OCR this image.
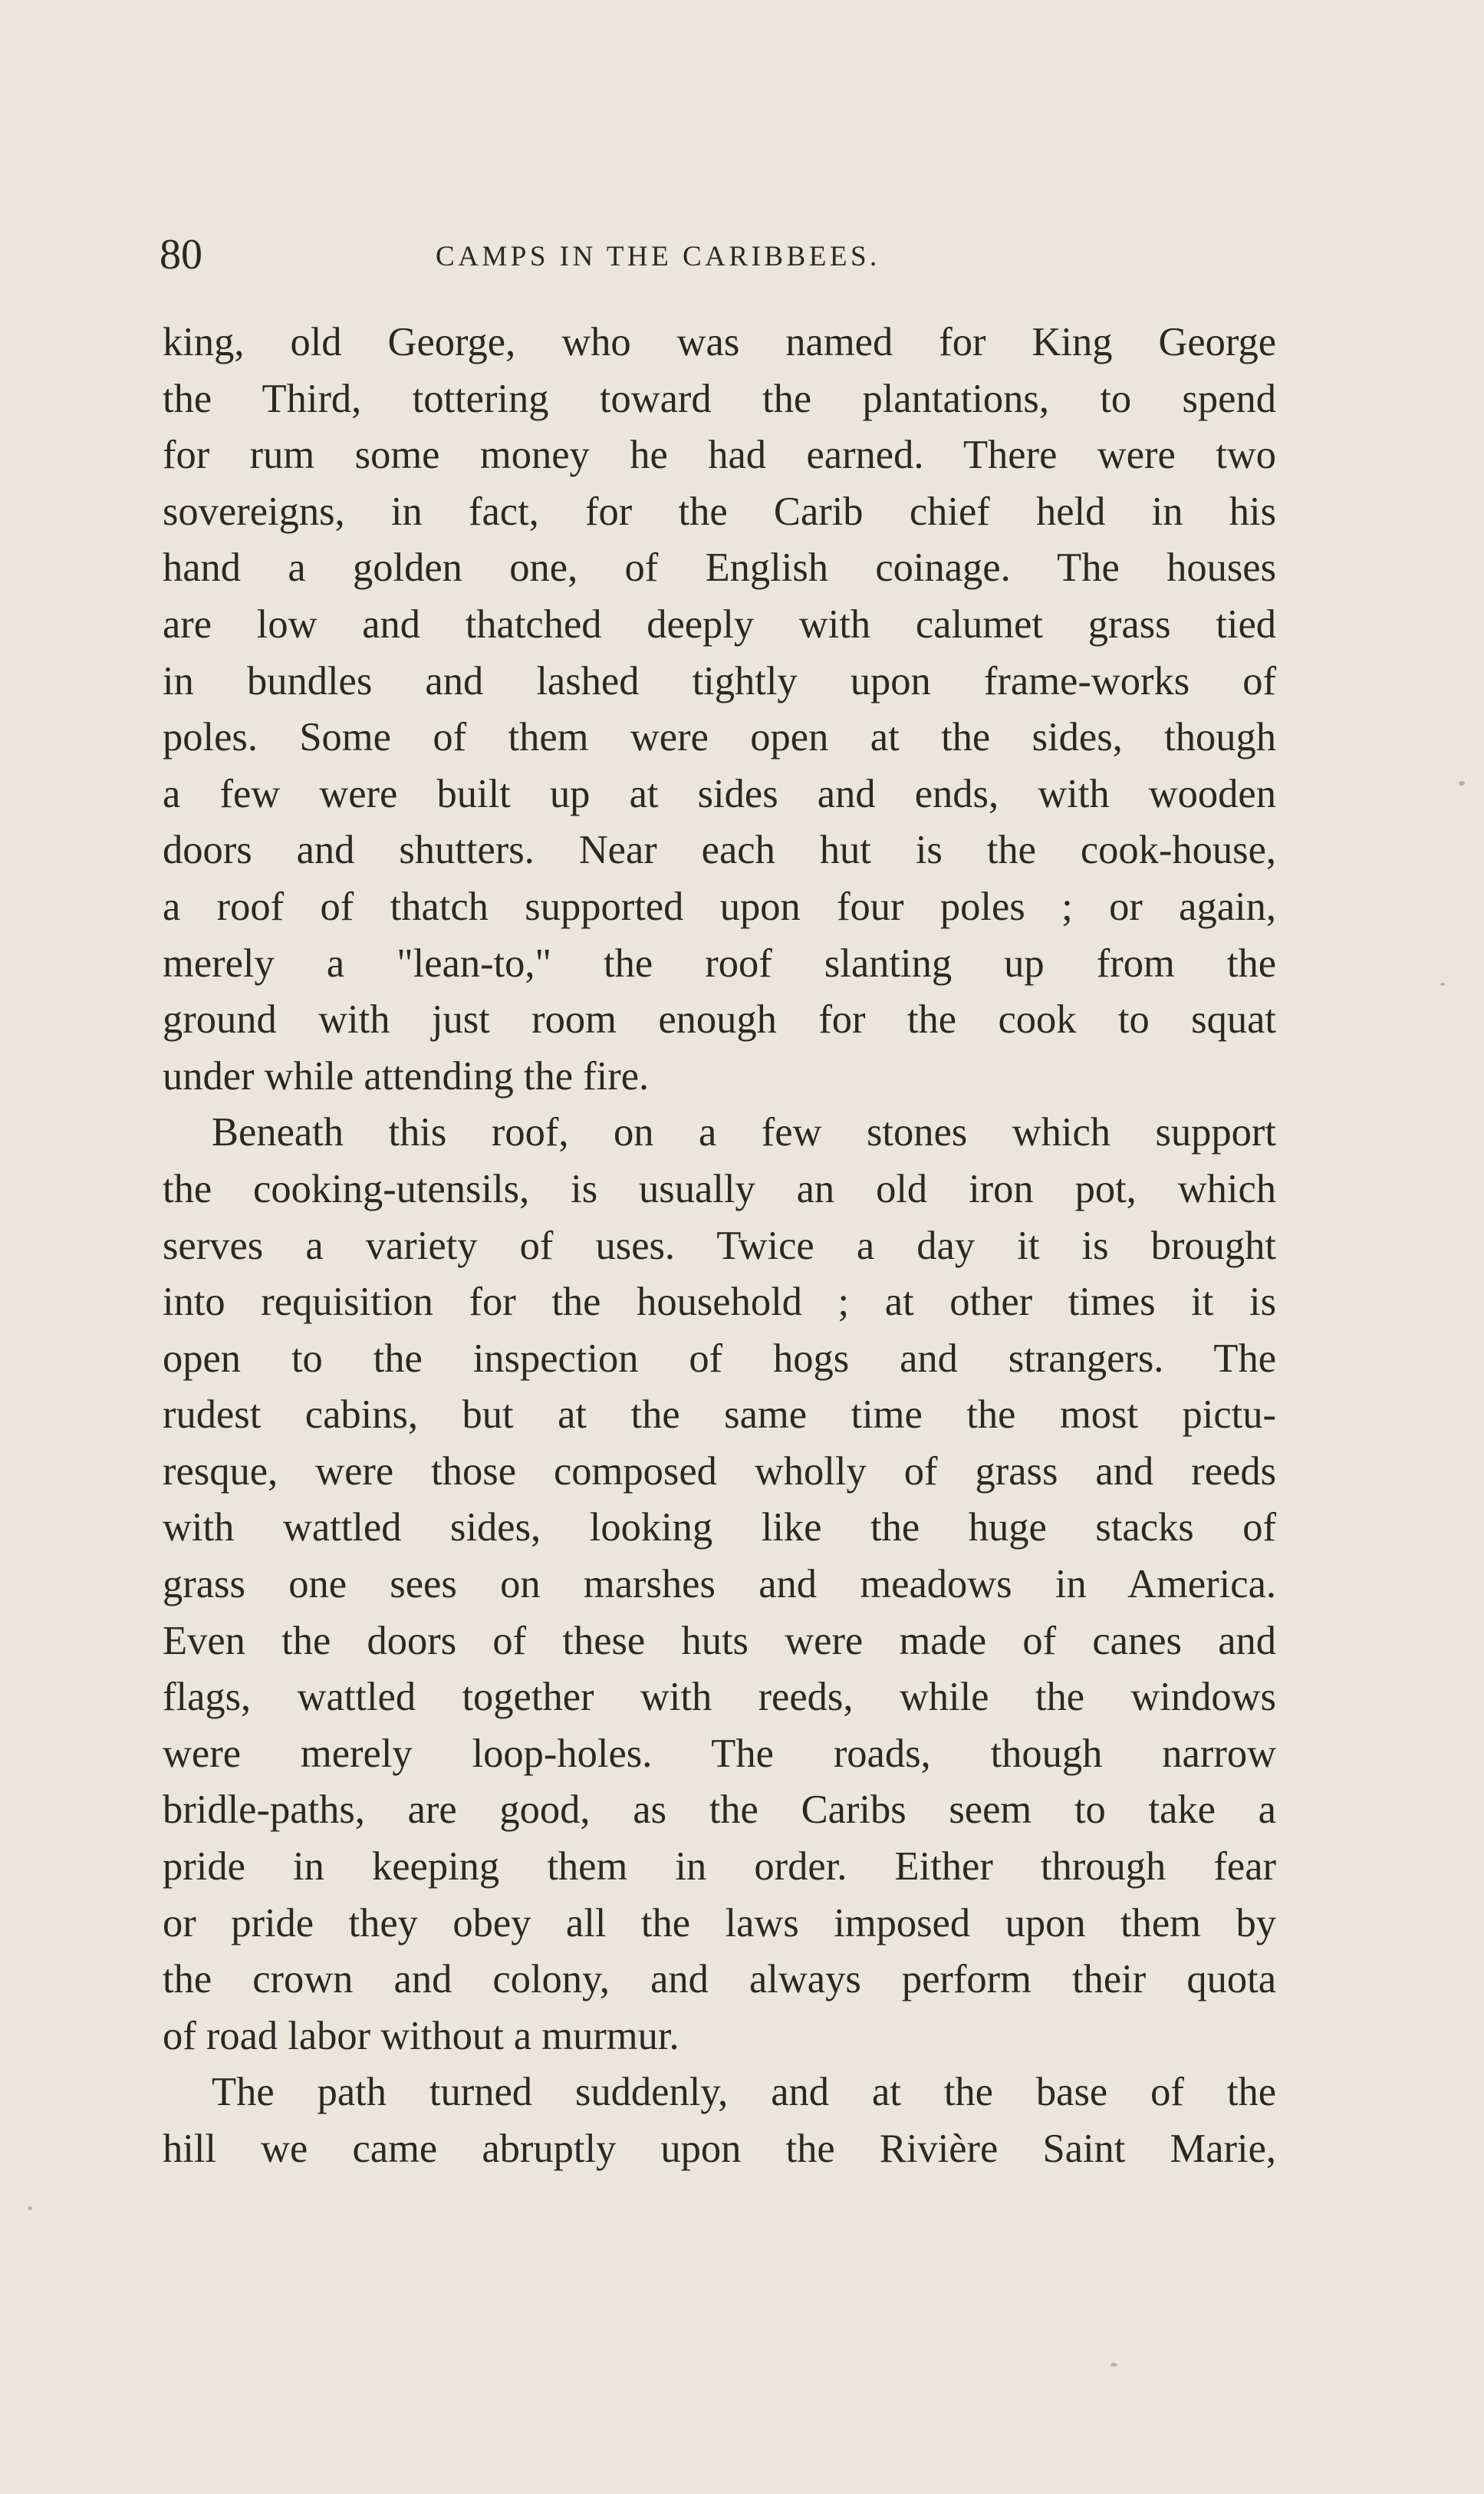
80	CAMPS IN THE CARIBBEES.
king, old George, who was named for King George
the Third, tottering toward the plantations, to spend
for rum some money he had earned. There were two
sovereigns, in fact, for the Carib chief held in his
hand a golden one, of English coinage. The houses
are low and thatched deeply with calumet grass tied
in bundles and lashed tightly upon frame-works of
poles. Some of them were open at the sides, though
a few were built up at sides and ends, with wooden
doors and shutters. Near each hut is the cook-house,
a roof of thatch supported upon four poles ; or again,
merely a "lean-to," the roof slanting up from the
ground with just room enough for the cook to squat
under while attending the fire.
Beneath this roof, on a few stones which support
the cooking-utensils, is usually an old iron pot, which
serves a variety of uses. Twice a day it is brought
into requisition for the household ; at other times it is
open to the inspection of hogs and strangers. The
rudest cabins, but at the same time the most pictu-
resque, were those composed wholly of grass and reeds
with wattled sides, looking like the huge stacks of
grass one sees on marshes and meadows in America.
Even the doors of these huts were made of canes and
flags, wattled together with reeds, while the windows
were merely loop-holes. The roads, though narrow
bridle-paths, are good, as the Caribs seem to take a
pride in keeping them in order. Either through fear
or pride they obey all the laws imposed upon them by
the crown and colony, and always perform their quota
of road labor without a murmur.
The path turned suddenly, and at the base of the
hill we came abruptly upon the Rivière Saint Marie,
